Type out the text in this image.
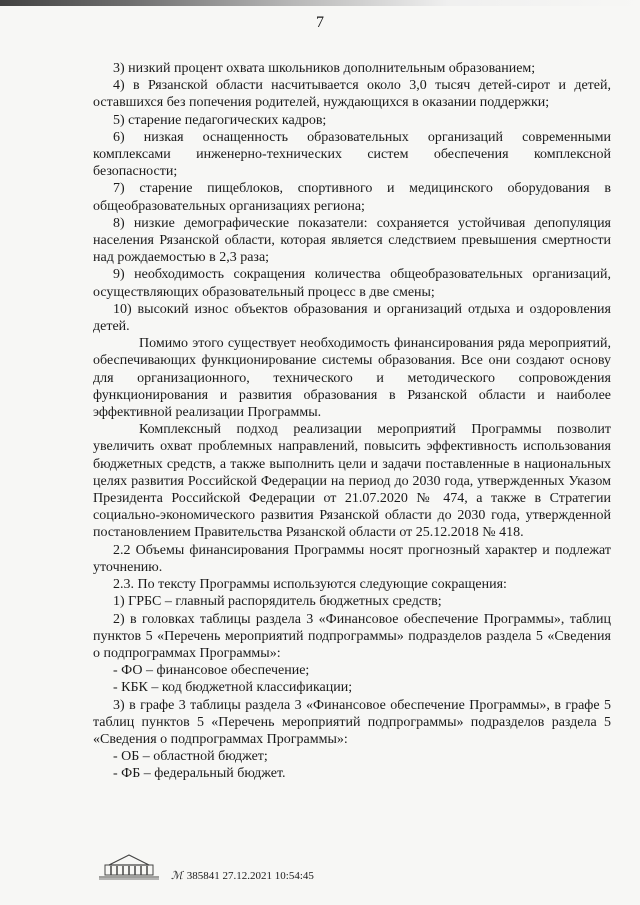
7

3) низкий процент охвата школьников дополнительным образованием;

4) в Рязанской области насчитывается около 3,0 тысяч детей-сирот и детей, оставшихся без попечения родителей, нуждающихся в оказании поддержки;

5) старение педагогических кадров;

6) низкая оснащенность образовательных организаций современными комплексами инженерно-технических систем обеспечения комплексной безопасности;

7) старение пищеблоков, спортивного и медицинского оборудования в общеобразовательных организациях региона;

8) низкие демографические показатели: сохраняется устойчивая депопуляция населения Рязанской области, которая является следствием превышения смертности над рождаемостью в 2,3 раза;

9) необходимость сокращения количества общеобразовательных организаций, осуществляющих образовательный процесс в две смены;

10) высокий износ объектов образования и организаций отдыха и оздоровления детей.

Помимо этого существует необходимость финансирования ряда мероприятий, обеспечивающих функционирование системы образования. Все они создают основу для организационного, технического и методического сопровождения функционирования и развития образования в Рязанской области и наиболее эффективной реализации Программы.

Комплексный подход реализации мероприятий Программы позволит увеличить охват проблемных направлений, повысить эффективность использования бюджетных средств, а также выполнить цели и задачи поставленные в национальных целях развития Российской Федерации на период до 2030 года, утвержденных Указом Президента Российской Федерации от 21.07.2020 № 474, а также в Стратегии социально-экономического развития Рязанской области до 2030 года, утвержденной постановлением Правительства Рязанской области от 25.12.2018 № 418.

2.2 Объемы финансирования Программы носят прогнозный характер и подлежат уточнению.

2.3. По тексту Программы используются следующие сокращения:

1) ГРБС – главный распорядитель бюджетных средств;

2) в головках таблицы раздела 3 «Финансовое обеспечение Программы», таблиц пунктов 5 «Перечень мероприятий подпрограммы» подразделов раздела 5 «Сведения о подпрограммах Программы»:

- ФО – финансовое обеспечение;

- КБК – код бюджетной классификации;

3) в графе 3 таблицы раздела 3 «Финансовое обеспечение Программы», в графе 5 таблиц пунктов 5 «Перечень мероприятий подпрограммы» подразделов раздела 5 «Сведения о подпрограммах Программы»:

- ОБ – областной бюджет;

- ФБ – федеральный бюджет.

ℳ 385841 27.12.2021 10:54:45
